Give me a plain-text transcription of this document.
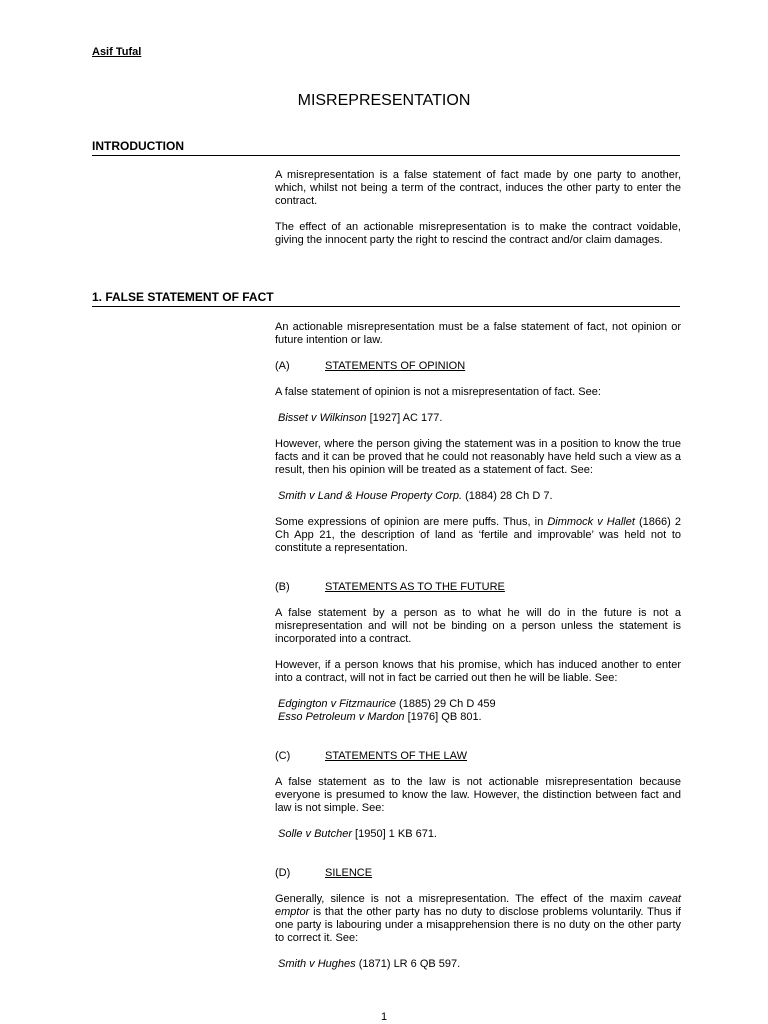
Asif Tufal
MISREPRESENTATION
INTRODUCTION

A misrepresentation is a false statement of fact made by one party to another, which, whilst not being a term of the contract, induces the other party to enter the contract.

The effect of an actionable misrepresentation is to make the contract voidable, giving the innocent party the right to rescind the contract and/or claim damages.

1. FALSE STATEMENT OF FACT

An actionable misrepresentation must be a false statement of fact, not opinion or future intention or law.

(A)	STATEMENTS OF OPINION

A false statement of opinion is not a misrepresentation of fact. See:

Bisset v Wilkinson [1927] AC 177.

However, where the person giving the statement was in a position to know the true facts and it can be proved that he could not reasonably have held such a view as a result, then his opinion will be treated as a statement of fact. See:

Smith v Land & House Property Corp. (1884) 28 Ch D 7.

Some expressions of opinion are mere puffs. Thus, in Dimmock v Hallet (1866) 2 Ch App 21, the description of land as ‘fertile and improvable’ was held not to constitute a representation.

(B)	STATEMENTS AS TO THE FUTURE

A false statement by a person as to what he will do in the future is not a misrepresentation and will not be binding on a person unless the statement is incorporated into a contract.

However, if a person knows that his promise, which has induced another to enter into a contract, will not in fact be carried out then he will be liable. See:

Edgington v Fitzmaurice (1885) 29 Ch D 459
Esso Petroleum v Mardon [1976] QB 801.
(C)	STATEMENTS OF THE LAW

A false statement as to the law is not actionable misrepresentation because everyone is presumed to know the law. However, the distinction between fact and law is not simple. See:

Solle v Butcher [1950] 1 KB 671.
(D)	SILENCE

Generally, silence is not a misrepresentation. The effect of the maxim caveat emptor is that the other party has no duty to disclose problems voluntarily. Thus if one party is labouring under a misapprehension there is no duty on the other party to correct it. See:

Smith v Hughes (1871) LR 6 QB 597.
1
